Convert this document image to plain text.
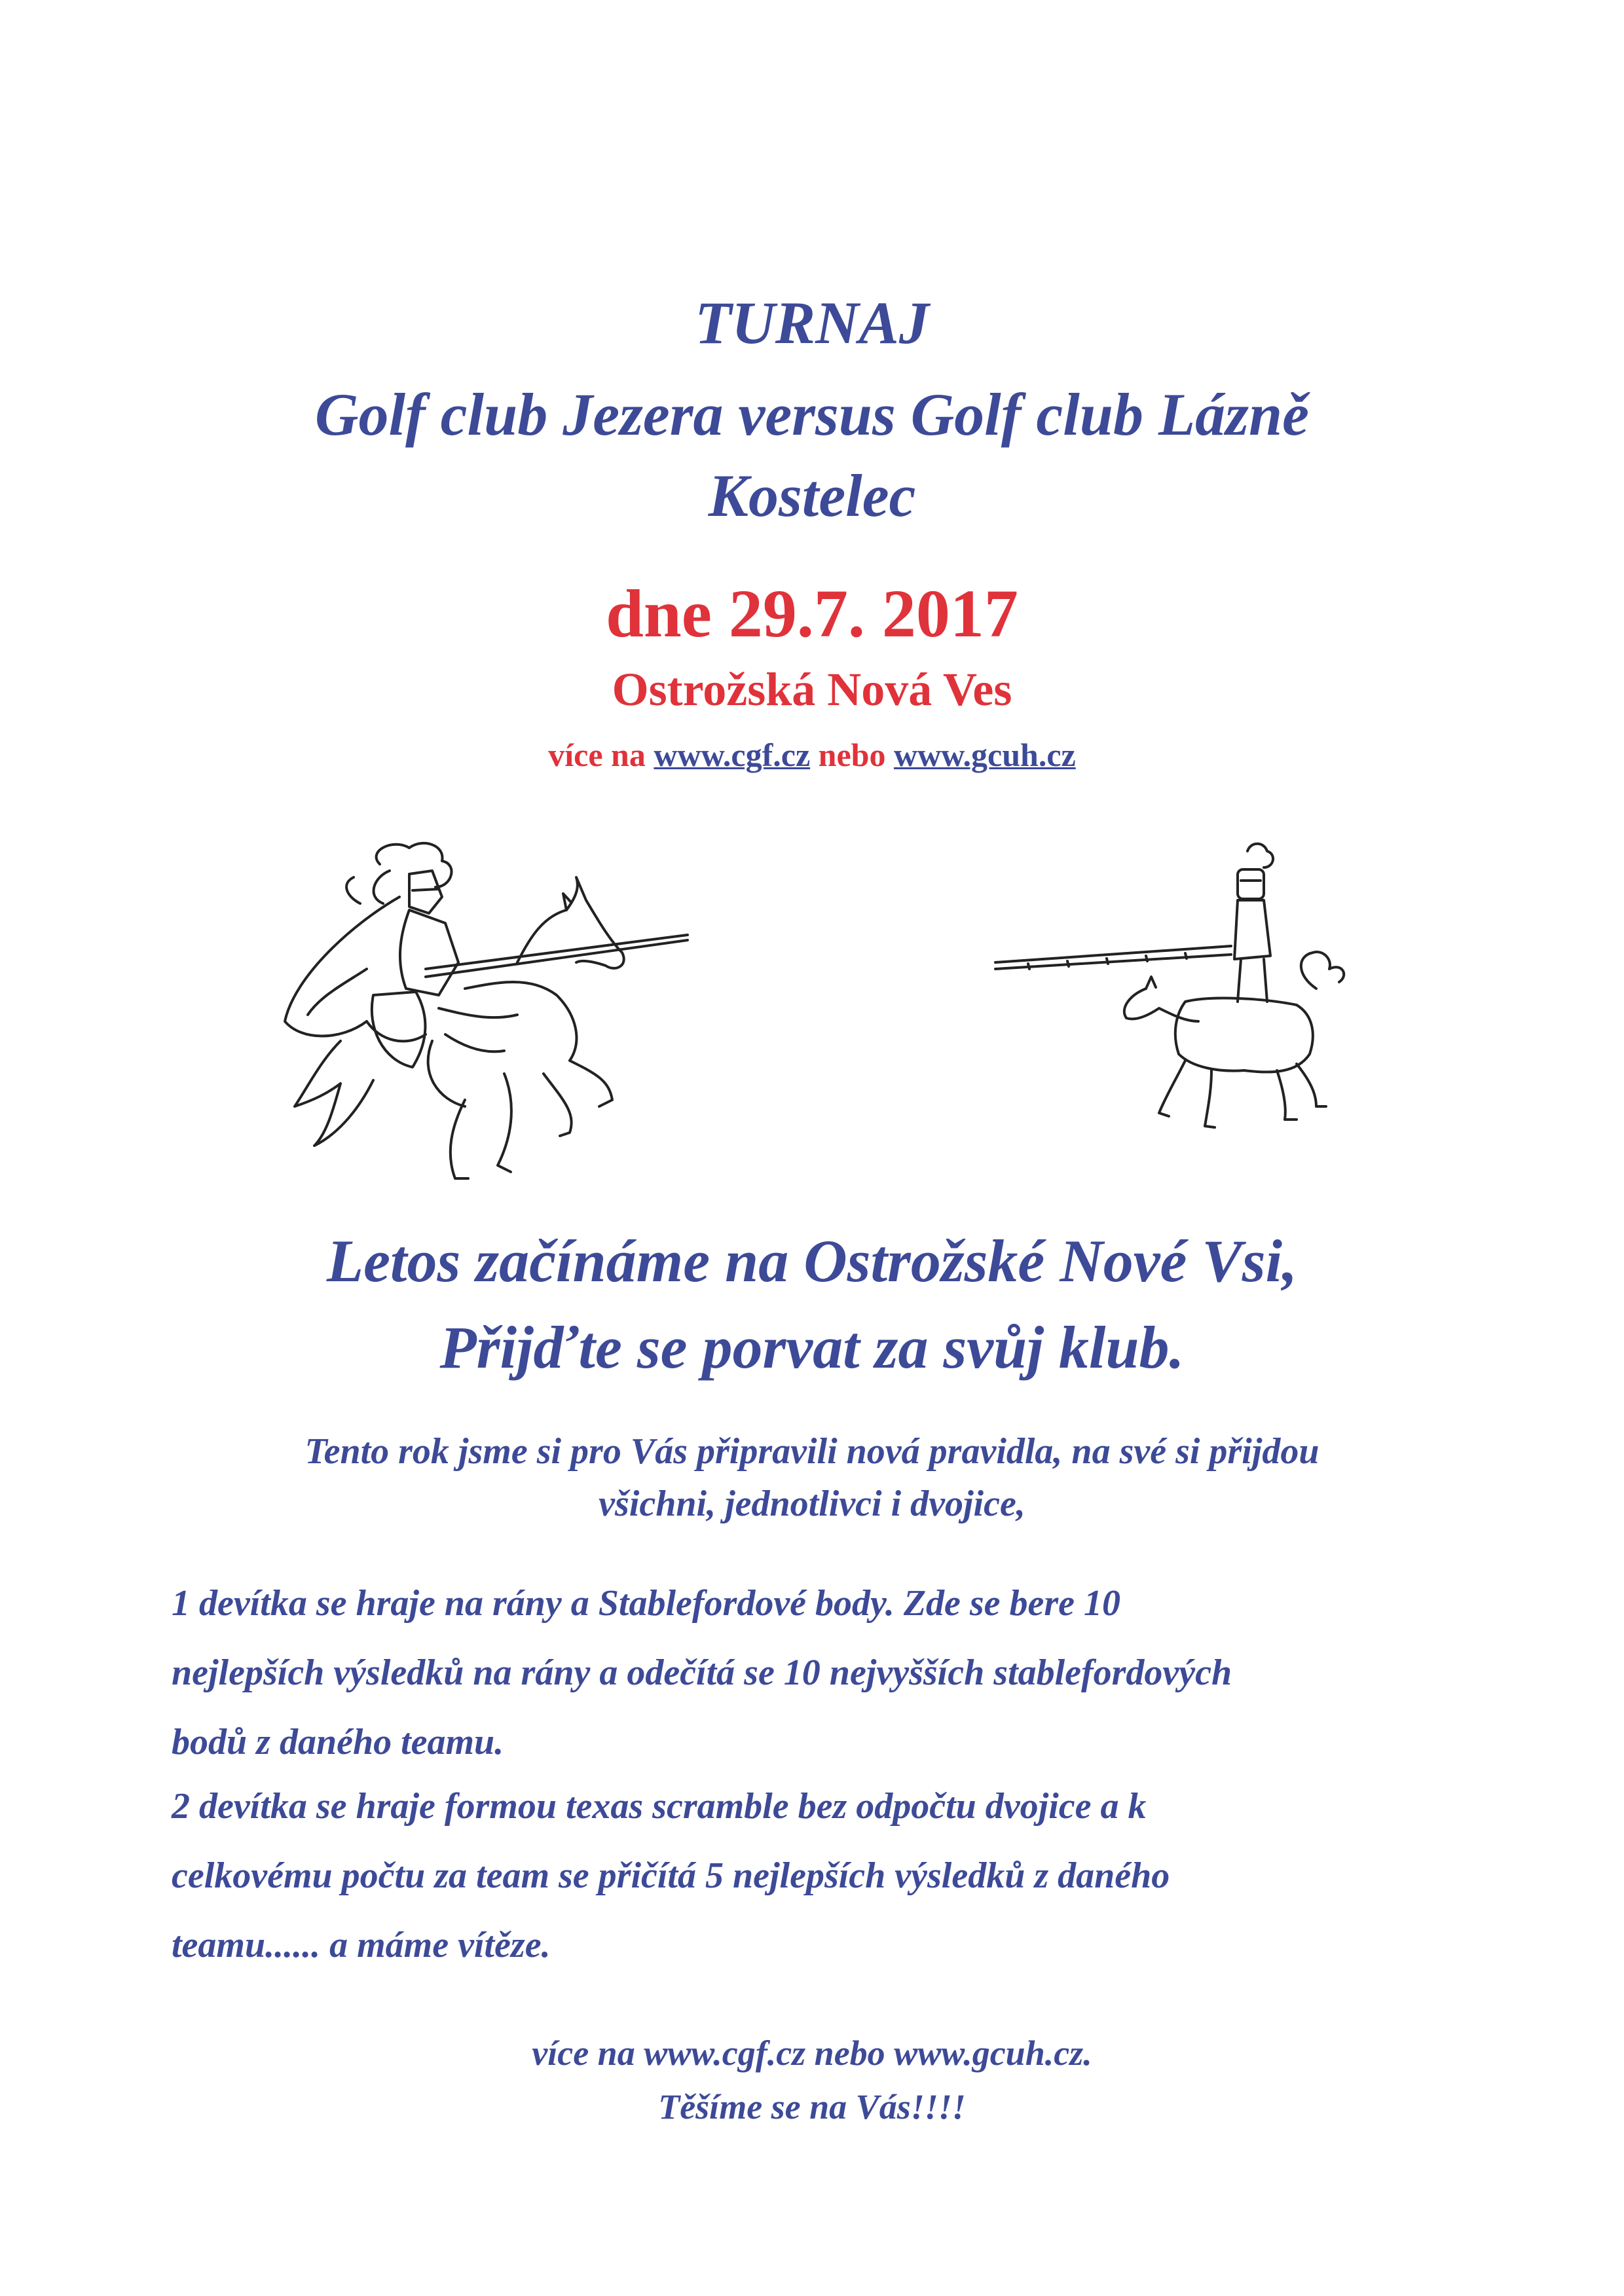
TURNAJ
Golf club Jezera versus Golf club Lázně
Kostelec
dne 29.7. 2017
Ostrožská Nová Ves
více na www.cgf.cz nebo www.gcuh.cz
Letos začínáme na Ostrožské Nové Vsi,
Přijďte se porvat za svůj klub.
Tento rok jsme si pro Vás připravili nová pravidla, na své si přijdou
všichni, jednotlivci i dvojice,
1 devítka se hraje na rány a Stablefordové body. Zde se bere 10
nejlepších výsledků na rány a odečítá se 10 nejvyšších stablefordových
bodů z daného teamu.
2 devítka se hraje formou texas scramble bez odpočtu dvojice a k
celkovému počtu za team se přičítá 5 nejlepších výsledků z daného
teamu...... a máme vítěze.
více na www.cgf.cz nebo www.gcuh.cz.
Těšíme se na Vás!!!!
